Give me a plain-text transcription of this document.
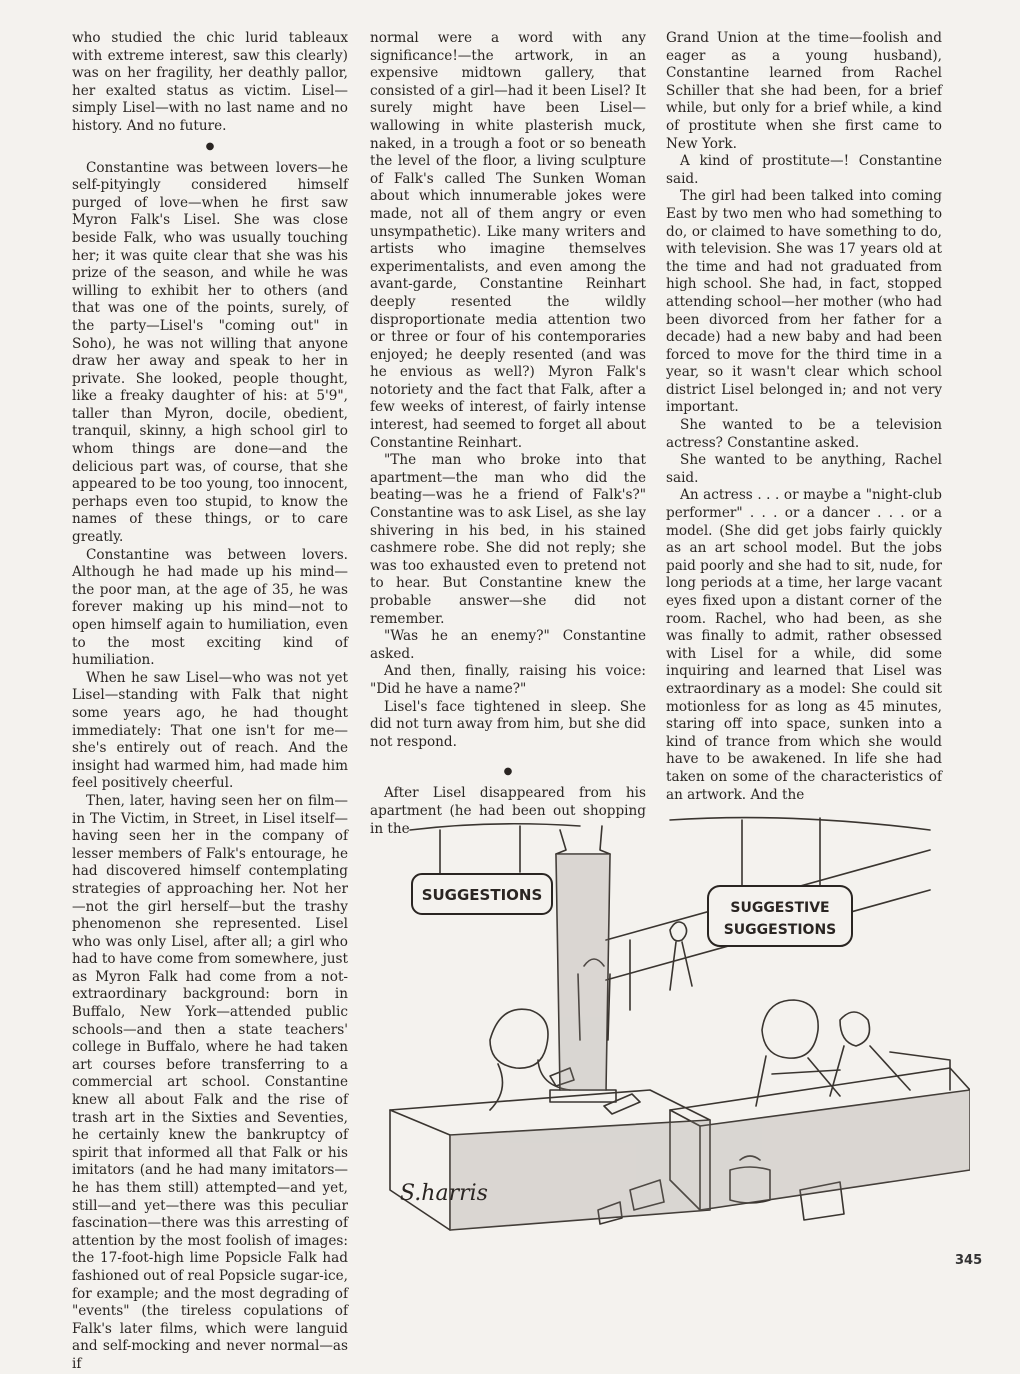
who studied the chic lurid tableaux with extreme interest, saw this clearly) was on her fragility, her deathly pallor, her exalted status as victim. Lisel—simply Lisel—with no last name and no history. And no future.

●

Constantine was between lovers—he self-pityingly considered himself purged of love—when he first saw Myron Falk's Lisel. She was close beside Falk, who was usually touching her; it was quite clear that she was his prize of the season, and while he was willing to exhibit her to others (and that was one of the points, surely, of the party—Lisel's "coming out" in Soho), he was not willing that anyone draw her away and speak to her in private. She looked, people thought, like a freaky daughter of his: at 5'9", taller than Myron, docile, obedient, tranquil, skinny, a high school girl to whom things are done—and the delicious part was, of course, that she appeared to be too young, too innocent, perhaps even too stupid, to know the names of these things, or to care greatly.

Constantine was between lovers. Although he had made up his mind—the poor man, at the age of 35, he was forever making up his mind—not to open himself again to humiliation, even to the most exciting kind of humiliation.

When he saw Lisel—who was not yet Lisel—standing with Falk that night some years ago, he had thought immediately: That one isn't for me—she's entirely out of reach. And the insight had warmed him, had made him feel positively cheerful.

Then, later, having seen her on film—in The Victim, in Street, in Lisel itself—having seen her in the company of lesser members of Falk's entourage, he had discovered himself contemplating strategies of approaching her. Not her—not the girl herself—but the trashy phenomenon she represented. Lisel who was only Lisel, after all; a girl who had to have come from somewhere, just as Myron Falk had come from a not-extraordinary background: born in Buffalo, New York—attended public schools—and then a state teachers' college in Buffalo, where he had taken art courses before transferring to a commercial art school. Constantine knew all about Falk and the rise of trash art in the Sixties and Seventies, he certainly knew the bankruptcy of spirit that informed all that Falk or his imitators (and he had many imitators—he has them still) attempted—and yet, still—and yet—there was this peculiar fascination—there was this arresting of attention by the most foolish of images: the 17-foot-high lime Popsicle Falk had fashioned out of real Popsicle sugar-ice, for example; and the most degrading of "events" (the tireless copulations of Falk's later films, which were languid and self-mocking and never normal—as if

normal were a word with any significance!—the artwork, in an expensive midtown gallery, that consisted of a girl—had it been Lisel? It surely might have been Lisel—wallowing in white plasterish muck, naked, in a trough a foot or so beneath the level of the floor, a living sculpture of Falk's called The Sunken Woman about which innumerable jokes were made, not all of them angry or even unsympathetic). Like many writers and artists who imagine themselves experimentalists, and even among the avant-garde, Constantine Reinhart deeply resented the wildly disproportionate media attention two or three or four of his contemporaries enjoyed; he deeply resented (and was he envious as well?) Myron Falk's notoriety and the fact that Falk, after a few weeks of interest, of fairly intense interest, had seemed to forget all about Constantine Reinhart.

"The man who broke into that apartment—the man who did the beating—was he a friend of Falk's?" Constantine was to ask Lisel, as she lay shivering in his bed, in his stained cashmere robe. She did not reply; she was too exhausted even to pretend not to hear. But Constantine knew the probable answer—she did not remember.

"Was he an enemy?" Constantine asked.

And then, finally, raising his voice: "Did he have a name?"

Lisel's face tightened in sleep. She did not turn away from him, but she did not respond.

●

After Lisel disappeared from his apartment (he had been out shopping in the

Grand Union at the time—foolish and eager as a young husband), Constantine learned from Rachel Schiller that she had been, for a brief while, but only for a brief while, a kind of prostitute when she first came to New York.

A kind of prostitute—! Constantine said.

The girl had been talked into coming East by two men who had something to do, or claimed to have something to do, with television. She was 17 years old at the time and had not graduated from high school. She had, in fact, stopped attending school—her mother (who had been divorced from her father for a decade) had a new baby and had been forced to move for the third time in a year, so it wasn't clear which school district Lisel belonged in; and not very important.

She wanted to be a television actress? Constantine asked.

She wanted to be anything, Rachel said.

An actress . . . or maybe a "night-club performer" . . . or a dancer . . . or a model. (She did get jobs fairly quickly as an art school model. But the jobs paid poorly and she had to sit, nude, for long periods at a time, her large vacant eyes fixed upon a distant corner of the room. Rachel, who had been, as she was finally to admit, rather obsessed with Lisel for a while, did some inquiring and learned that Lisel was extraordinary as a model: She could sit motionless for as long as 45 minutes, staring off into space, sunken into a kind of trance from which she would have to be awakened. In life she had taken on some of the characteristics of an artwork. And the

SUGGESTIONS
SUGGESTIVE
SUGGESTIONS
S.harris
345
